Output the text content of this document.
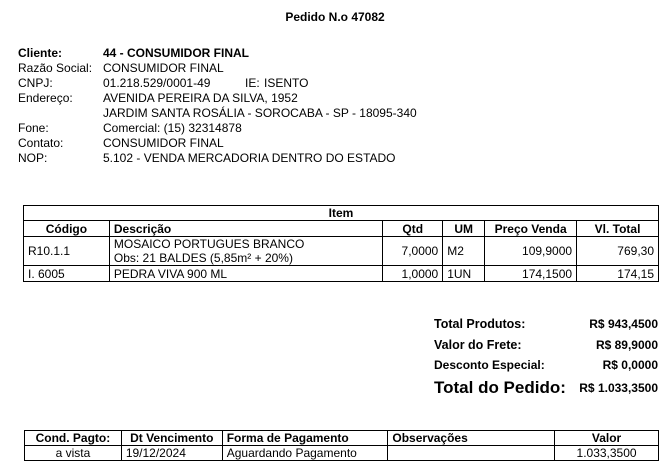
Pedido N.o 47082
Cliente:	44 - CONSUMIDOR FINAL
Razão Social: CONSUMIDOR FINAL
CNPJ:	01.218.529/0001-49	IE: ISENTO
Endereço:	AVENIDA PEREIRA DA SILVA, 1952
JARDIM SANTA ROSÁLIA - SOROCABA - SP - 18095-340
Fone:	Comercial: (15) 32314878
Contato:	CONSUMIDOR FINAL
NOP:	5.102 - VENDA MERCADORIA DENTRO DO ESTADO
Item					
Código	Descrição	Qtd	UM	Preço Venda	Vl. Total
R10.1.1	MOSAICO PORTUGUES BRANCO
Obs: 21 BALDES (5,85m² + 20%)	7,0000	M2	109,9000	769,30
I. 6005	PEDRA VIVA 900 ML	1,0000	1UN	174,1500	174,15
Total Produtos:	R$ 943,4500
Valor do Frete:	R$ 89,9000
Desconto Especial:	R$ 0,0000
Total do Pedido: R$ 1.033,3500
Cond. Pagto:	Dt Vencimento	Forma de Pagamento	Observações	Valor
a vista	19/12/2024	Aguardando Pagamento		1.033,3500
